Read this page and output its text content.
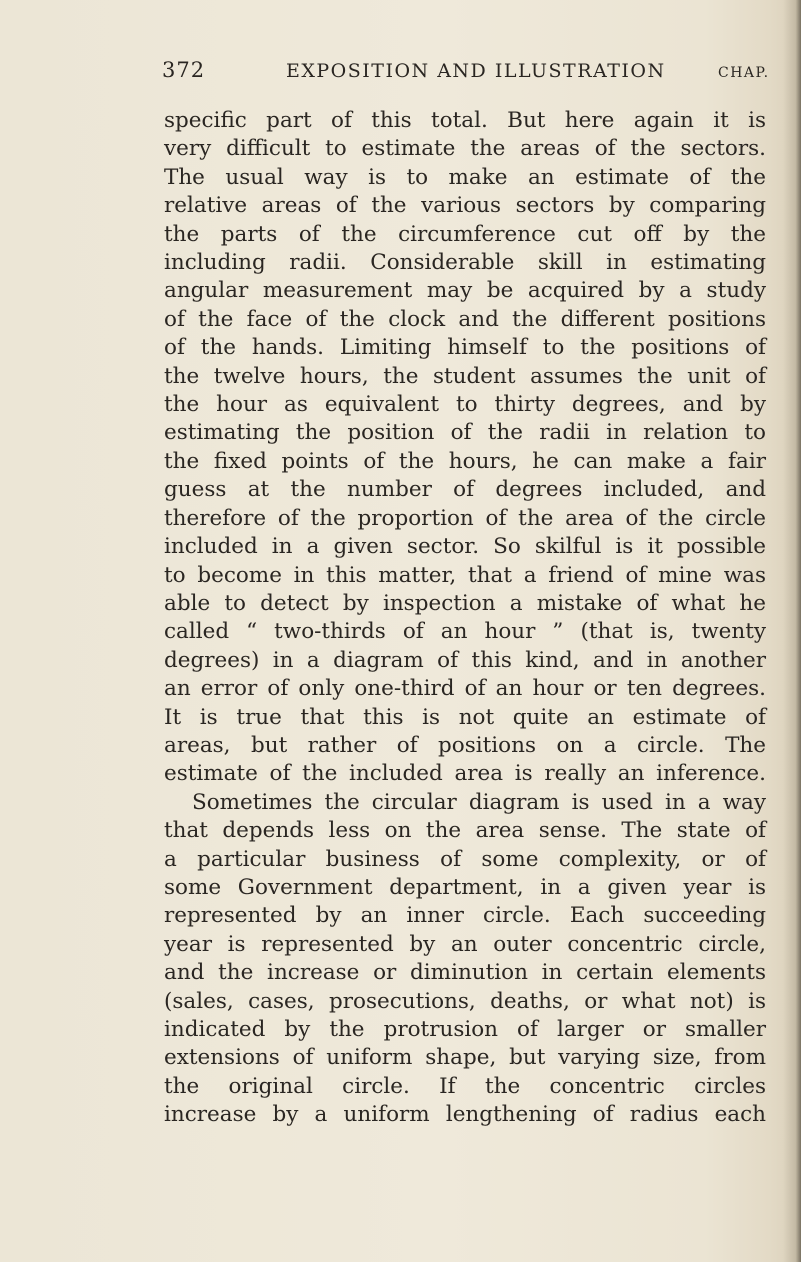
372	EXPOSITION AND ILLUSTRATION	CHAP.
specific part of this total. But here again it is
very difficult to estimate the areas of the sectors.
The usual way is to make an estimate of the
relative areas of the various sectors by comparing
the parts of the circumference cut off by the
including radii. Considerable skill in estimating
angular measurement may be acquired by a study
of the face of the clock and the different positions
of the hands. Limiting himself to the positions of
the twelve hours, the student assumes the unit of
the hour as equivalent to thirty degrees, and by
estimating the position of the radii in relation to
the fixed points of the hours, he can make a fair
guess at the number of degrees included, and
therefore of the proportion of the area of the circle
included in a given sector. So skilful is it possible
to become in this matter, that a friend of mine was
able to detect by inspection a mistake of what he
called “ two-thirds of an hour ” (that is, twenty
degrees) in a diagram of this kind, and in another
an error of only one-third of an hour or ten degrees.
It is true that this is not quite an estimate of
areas, but rather of positions on a circle. The
estimate of the included area is really an inference.
Sometimes the circular diagram is used in a way
that depends less on the area sense. The state of
a particular business of some complexity, or of
some Government department, in a given year is
represented by an inner circle. Each succeeding
year is represented by an outer concentric circle,
and the increase or diminution in certain elements
(sales, cases, prosecutions, deaths, or what not) is
indicated by the protrusion of larger or smaller
extensions of uniform shape, but varying size, from
the original circle. If the concentric circles
increase by a uniform lengthening of radius each
